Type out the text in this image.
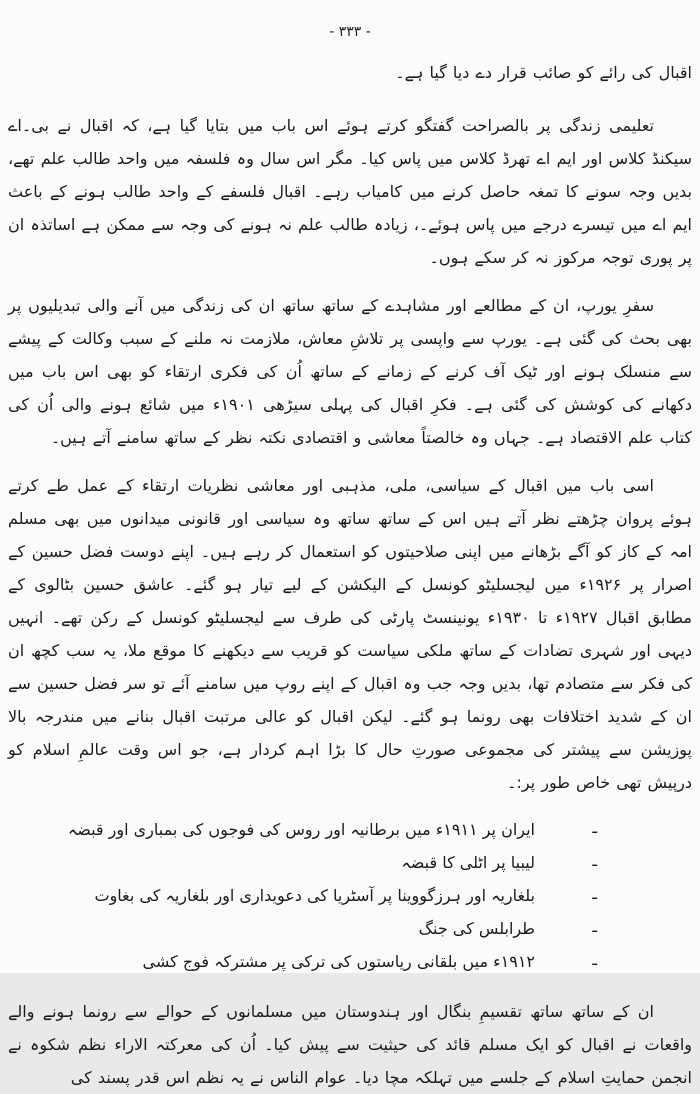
- ۳۳۳ -

اقبال کی رائے کو صائب قرار دے دیا گیا ہے۔

تعلیمی زندگی پر بالصراحت گفتگو کرتے ہوئے اس باب میں بتایا گیا ہے، کہ اقبال نے بی۔اے سیکنڈ کلاس اور ایم اے تھرڈ کلاس میں پاس کیا۔ مگر اس سال وہ فلسفہ میں واحد طالب علم تھے، بدیں وجہ سونے کا تمغہ حاصل کرنے میں کامیاب رہے۔ اقبال فلسفے کے واحد طالب ہونے کے باعث ایم اے میں تیسرے درجے میں پاس ہوئے۔، زیادہ طالب علم نہ ہونے کی وجہ سے ممکن ہے اساتذہ ان پر پوری توجہ مرکوز نہ کر سکے ہوں۔

سفرِ یورپ، ان کے مطالعے اور مشاہدے کے ساتھ ساتھ ان کی زندگی میں آنے والی تبدیلیوں پر بھی بحث کی گئی ہے۔ یورپ سے واپسی پر تلاشِ معاش، ملازمت نہ ملنے کے سبب وکالت کے پیشے سے منسلک ہونے اور ٹیک آف کرنے کے زمانے کے ساتھ اُن کی فکری ارتقاء کو بھی اس باب میں دکھانے کی کوشش کی گئی ہے۔ فکرِ اقبال کی پہلی سیڑھی ۱۹۰۱ء میں شائع ہونے والی اُن کی کتاب علم الاقتصاد ہے۔ جہاں وہ خالصتاً معاشی و اقتصادی نکتہ نظر کے ساتھ سامنے آتے ہیں۔

اسی باب میں اقبال کے سیاسی، ملی، مذہبی اور معاشی نظریات ارتقاء کے عمل طے کرتے ہوئے پروان چڑھتے نظر آتے ہیں اس کے ساتھ ساتھ وہ سیاسی اور قانونی میدانوں میں بھی مسلم امہ کے کاز کو آگے بڑھانے میں اپنی صلاحیتوں کو استعمال کر رہے ہیں۔ اپنے دوست فضل حسین کے اصرار پر ۱۹۲۶ء میں لیجسلیٹو کونسل کے الیکشن کے لیے تیار ہو گئے۔ عاشق حسین بٹالوی کے مطابق اقبال ۱۹۲۷ء تا ۱۹۳۰ء یونینسٹ پارٹی کی طرف سے لیجسلیٹو کونسل کے رکن تھے۔ انہیں دیہی اور شہری تضادات کے ساتھ ملکی سیاست کو قریب سے دیکھنے کا موقع ملا، یہ سب کچھ ان کی فکر سے متصادم تھا، بدیں وجہ جب وہ اقبال کے اپنے روپ میں سامنے آئے تو سر فضل حسین سے ان کے شدید اختلافات بھی رونما ہو گئے۔ لیکن اقبال کو عالی مرتبت اقبال بنانے میں مندرجہ بالا پوزیشن سے پیشتر کی مجموعی صورتِ حال کا بڑا اہم کردار ہے، جو اس وقت عالمِ اسلام کو درپیش تھی خاص طور پر:۔

ـ
ایران پر ۱۹۱۱ء میں برطانیہ اور روس کی فوجوں کی بمباری اور قبضہ
ـ
لیبیا پر اٹلی کا قبضہ
ـ
بلغاریہ اور ہرزگووینا پر آسٹریا کی دعویداری اور بلغاریہ کی بغاوت
ـ
طرابلس کی جنگ
ـ
۱۹۱۲ء میں بلقانی ریاستوں کی ترکی پر مشترکہ فوج کشی

ان کے ساتھ ساتھ تقسیمِ بنگال اور ہندوستان میں مسلمانوں کے حوالے سے رونما ہونے والے واقعات نے اقبال کو ایک مسلم قائد کی حیثیت سے پیش کیا۔ اُن کی معرکتہ الاراء نظم شکوہ نے انجمن حمایتِ اسلام کے جلسے میں تہلکہ مچا دیا۔ عوام الناس نے یہ نظم اس قدر پسند کی
